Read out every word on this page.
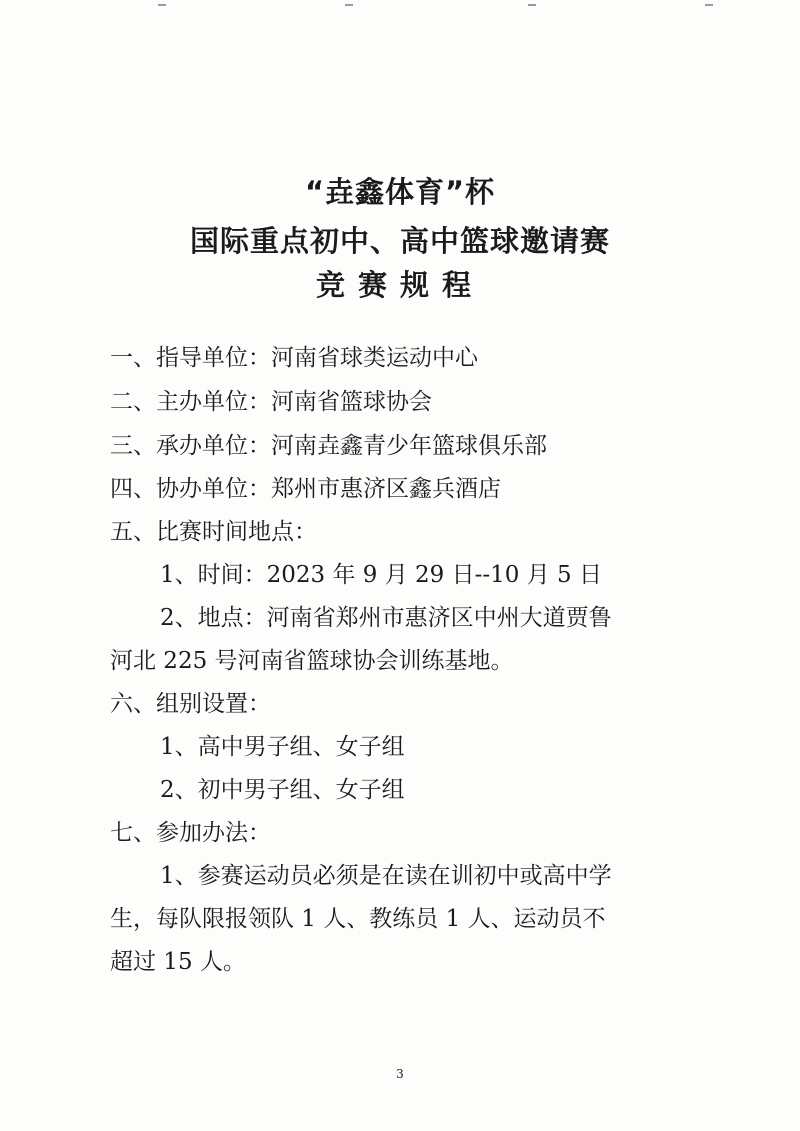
“垚鑫体育”杯
国际重点初中、高中篮球邀请赛
竞赛规程
一、指导单位：河南省球类运动中心
二、主办单位：河南省篮球协会
三、承办单位：河南垚鑫青少年篮球俱乐部
四、协办单位：郑州市惠济区鑫兵酒店
五、比赛时间地点：
1、时间：2023 年 9 月 29 日--10 月 5 日
2、地点：河南省郑州市惠济区中州大道贾鲁
河北 225 号河南省篮球协会训练基地。
六、组别设置：
1、高中男子组、女子组
2、初中男子组、女子组
七、参加办法：
1、参赛运动员必须是在读在训初中或高中学
生，每队限报领队 1 人、教练员 1 人、运动员不
超过 15 人。
3
